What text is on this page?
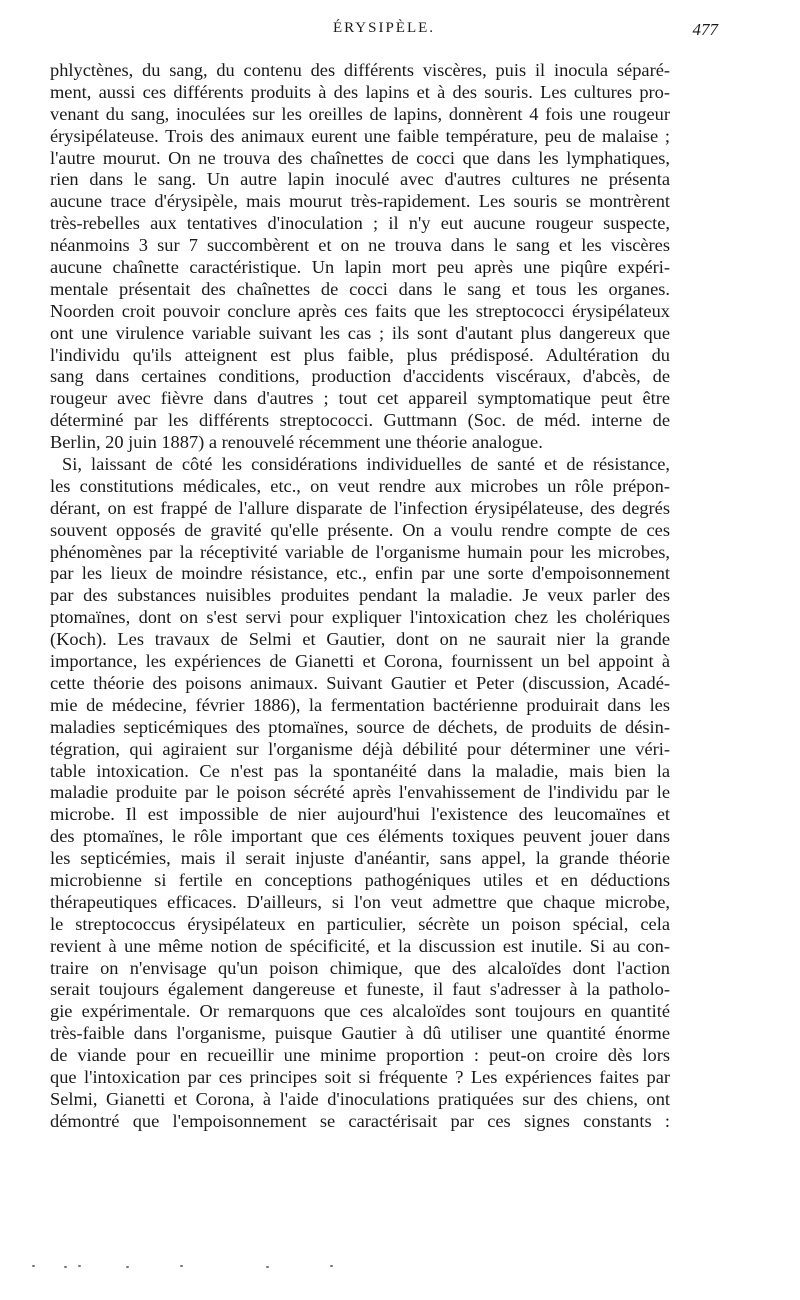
ÉRYSIPÈLE.	477
phlyctènes, du sang, du contenu des différents viscères, puis il inocula séparé-
ment, aussi ces différents produits à des lapins et à des souris. Les cultures pro-
venant du sang, inoculées sur les oreilles de lapins, donnèrent 4 fois une rougeur
érysipélateuse. Trois des animaux eurent une faible température, peu de malaise ;
l'autre mourut. On ne trouva des chaînettes de cocci que dans les lymphatiques,
rien dans le sang. Un autre lapin inoculé avec d'autres cultures ne présenta
aucune trace d'érysipèle, mais mourut très-rapidement. Les souris se montrèrent
très-rebelles aux tentatives d'inoculation ; il n'y eut aucune rougeur suspecte,
néanmoins 3 sur 7 succombèrent et on ne trouva dans le sang et les viscères
aucune chaînette caractéristique. Un lapin mort peu après une piqûre expéri-
mentale présentait des chaînettes de cocci dans le sang et tous les organes.
Noorden croit pouvoir conclure après ces faits que les streptococci érysipélateux
ont une virulence variable suivant les cas ; ils sont d'autant plus dangereux que
l'individu qu'ils atteignent est plus faible, plus prédisposé. Adultération du
sang dans certaines conditions, production d'accidents viscéraux, d'abcès, de
rougeur avec fièvre dans d'autres ; tout cet appareil symptomatique peut être
déterminé par les différents streptococci. Guttmann (Soc. de méd. interne de
Berlin, 20 juin 1887) a renouvelé récemment une théorie analogue.
Si, laissant de côté les considérations individuelles de santé et de résistance,
les constitutions médicales, etc., on veut rendre aux microbes un rôle prépon-
dérant, on est frappé de l'allure disparate de l'infection érysipélateuse, des degrés
souvent opposés de gravité qu'elle présente. On a voulu rendre compte de ces
phénomènes par la réceptivité variable de l'organisme humain pour les microbes,
par les lieux de moindre résistance, etc., enfin par une sorte d'empoisonnement
par des substances nuisibles produites pendant la maladie. Je veux parler des
ptomaïnes, dont on s'est servi pour expliquer l'intoxication chez les cholériques
(Koch). Les travaux de Selmi et Gautier, dont on ne saurait nier la grande
importance, les expériences de Gianetti et Corona, fournissent un bel appoint à
cette théorie des poisons animaux. Suivant Gautier et Peter (discussion, Acadé-
mie de médecine, février 1886), la fermentation bactérienne produirait dans les
maladies septicémiques des ptomaïnes, source de déchets, de produits de désin-
tégration, qui agiraient sur l'organisme déjà débilité pour déterminer une véri-
table intoxication. Ce n'est pas la spontanéité dans la maladie, mais bien la
maladie produite par le poison sécrété après l'envahissement de l'individu par le
microbe. Il est impossible de nier aujourd'hui l'existence des leucomaïnes et
des ptomaïnes, le rôle important que ces éléments toxiques peuvent jouer dans
les septicémies, mais il serait injuste d'anéantir, sans appel, la grande théorie
microbienne si fertile en conceptions pathogéniques utiles et en déductions
thérapeutiques efficaces. D'ailleurs, si l'on veut admettre que chaque microbe,
le streptococcus érysipélateux en particulier, sécrète un poison spécial, cela
revient à une même notion de spécificité, et la discussion est inutile. Si au con-
traire on n'envisage qu'un poison chimique, que des alcaloïdes dont l'action
serait toujours également dangereuse et funeste, il faut s'adresser à la patholo-
gie expérimentale. Or remarquons que ces alcaloïdes sont toujours en quantité
très-faible dans l'organisme, puisque Gautier à dû utiliser une quantité énorme
de viande pour en recueillir une minime proportion : peut-on croire dès lors
que l'intoxication par ces principes soit si fréquente ? Les expériences faites par
Selmi, Gianetti et Corona, à l'aide d'inoculations pratiquées sur des chiens, ont
démontré que l'empoisonnement se caractérisait par ces signes constants :
